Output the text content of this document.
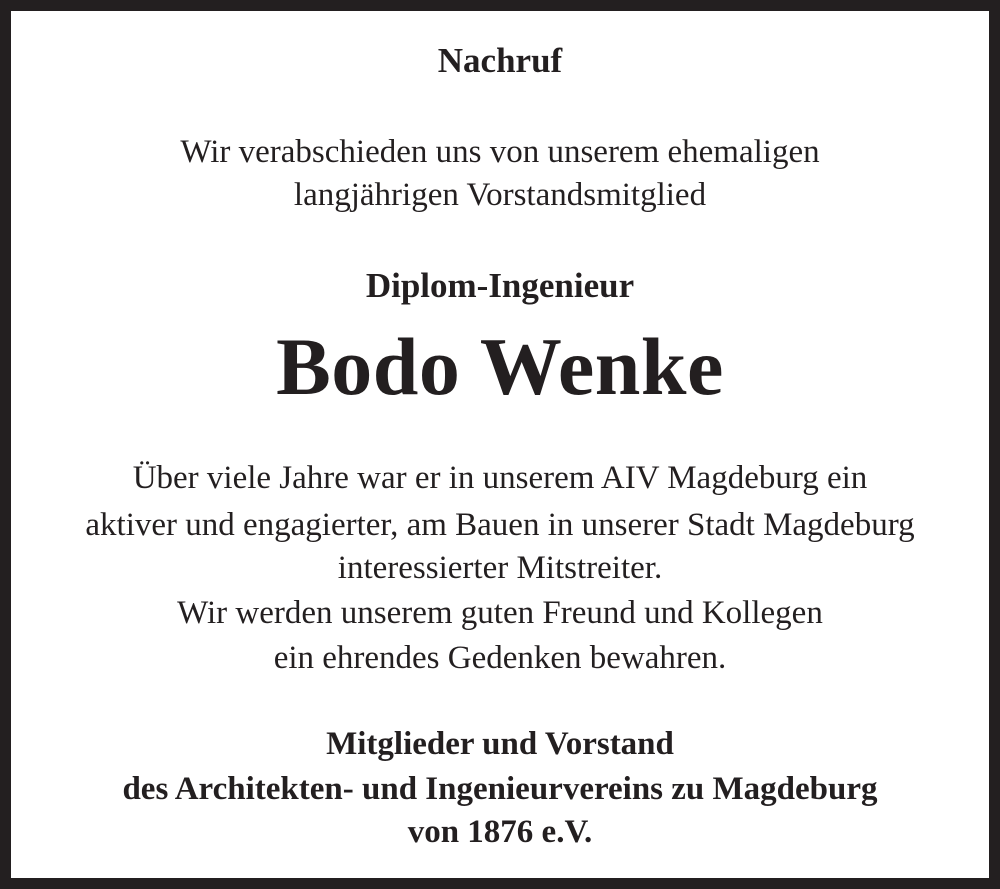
Nachruf

Wir verabschieden uns von unserem ehemaligen

langjährigen Vorstandsmitglied

Diplom-Ingenieur

Bodo Wenke

Über viele Jahre war er in unserem AIV Magdeburg ein

aktiver und engagierter, am Bauen in unserer Stadt Magdeburg

interessierter Mitstreiter.

Wir werden unserem guten Freund und Kollegen

ein ehrendes Gedenken bewahren.

Mitglieder und Vorstand

des Architekten- und Ingenieurvereins zu Magdeburg

von 1876 e.V.
